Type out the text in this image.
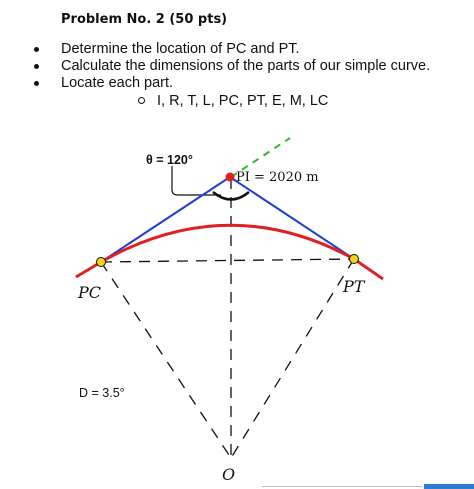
Problem No. 2 (50 pts)
Determine the location of PC and PT.
Calculate the dimensions of the parts of our simple curve.
Locate each part.
I, R, T, L, PC, PT, E, M, LC
θ = 120°
PI = 2020 m
PC	PT
O
D = 3.5°
